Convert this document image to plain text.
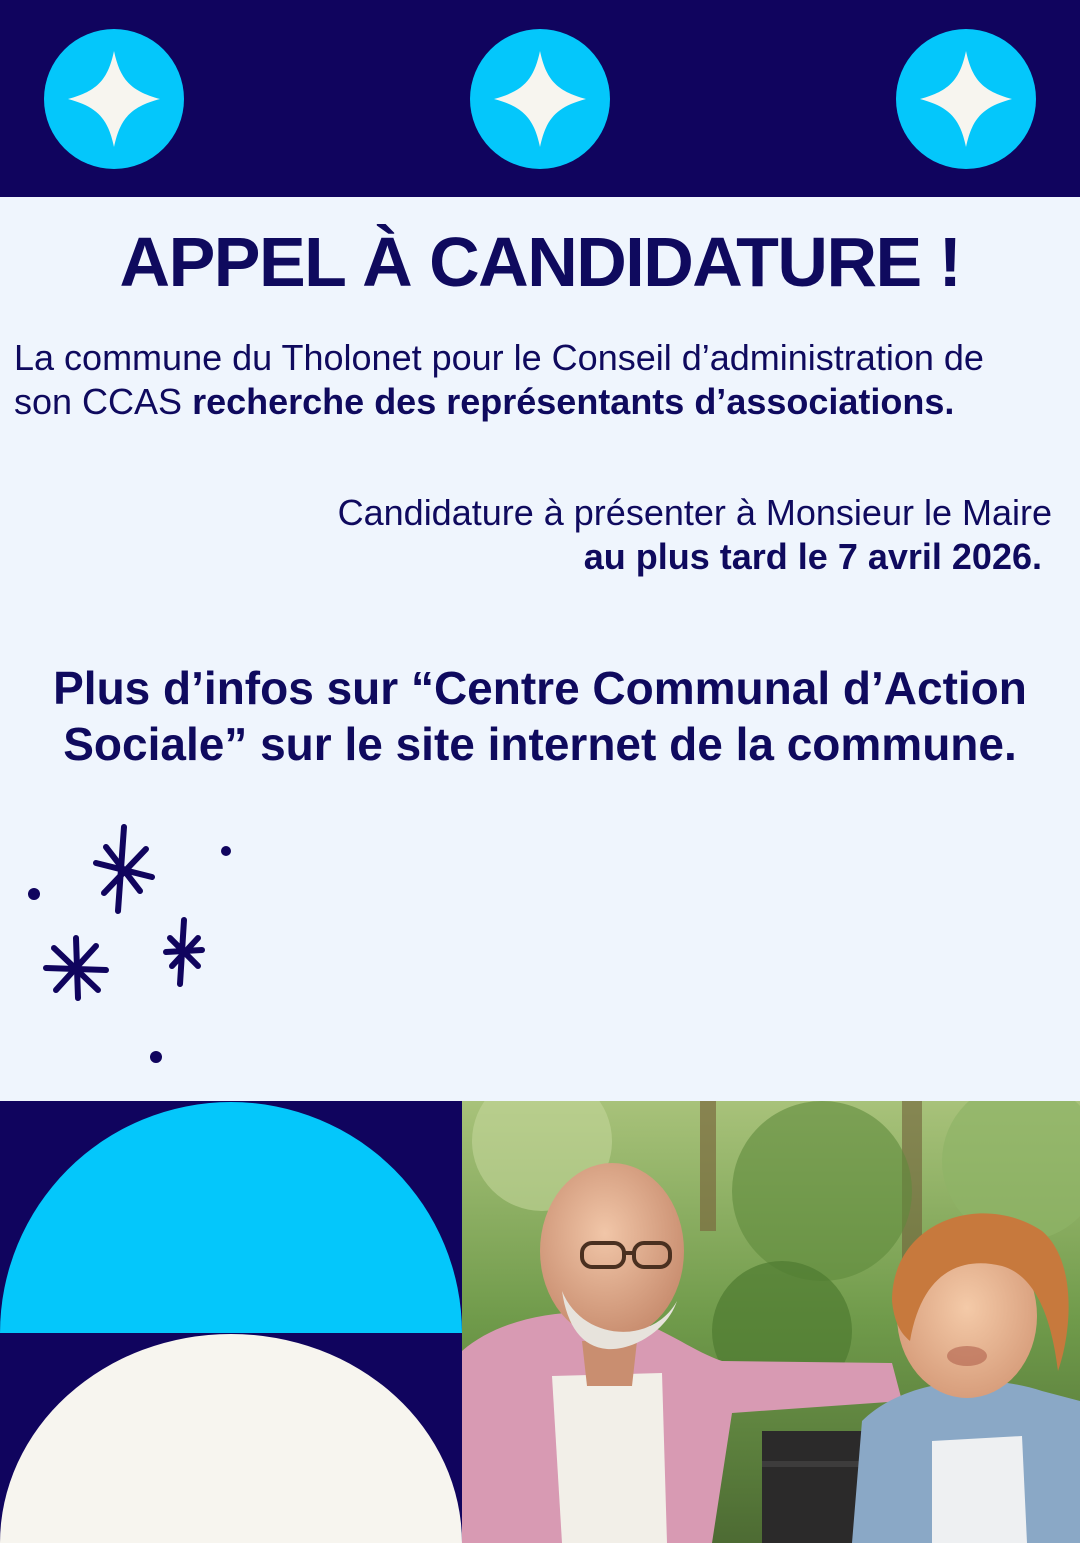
APPEL À CANDIDATURE !

La commune du Tholonet pour le Conseil d’administration de son CCAS recherche des représentants d’associations.

Candidature à présenter à Monsieur le Maire
au plus tard le 7 avril 2026.

Plus d’infos sur “Centre Communal d’Action Sociale” sur le site internet de la commune.
